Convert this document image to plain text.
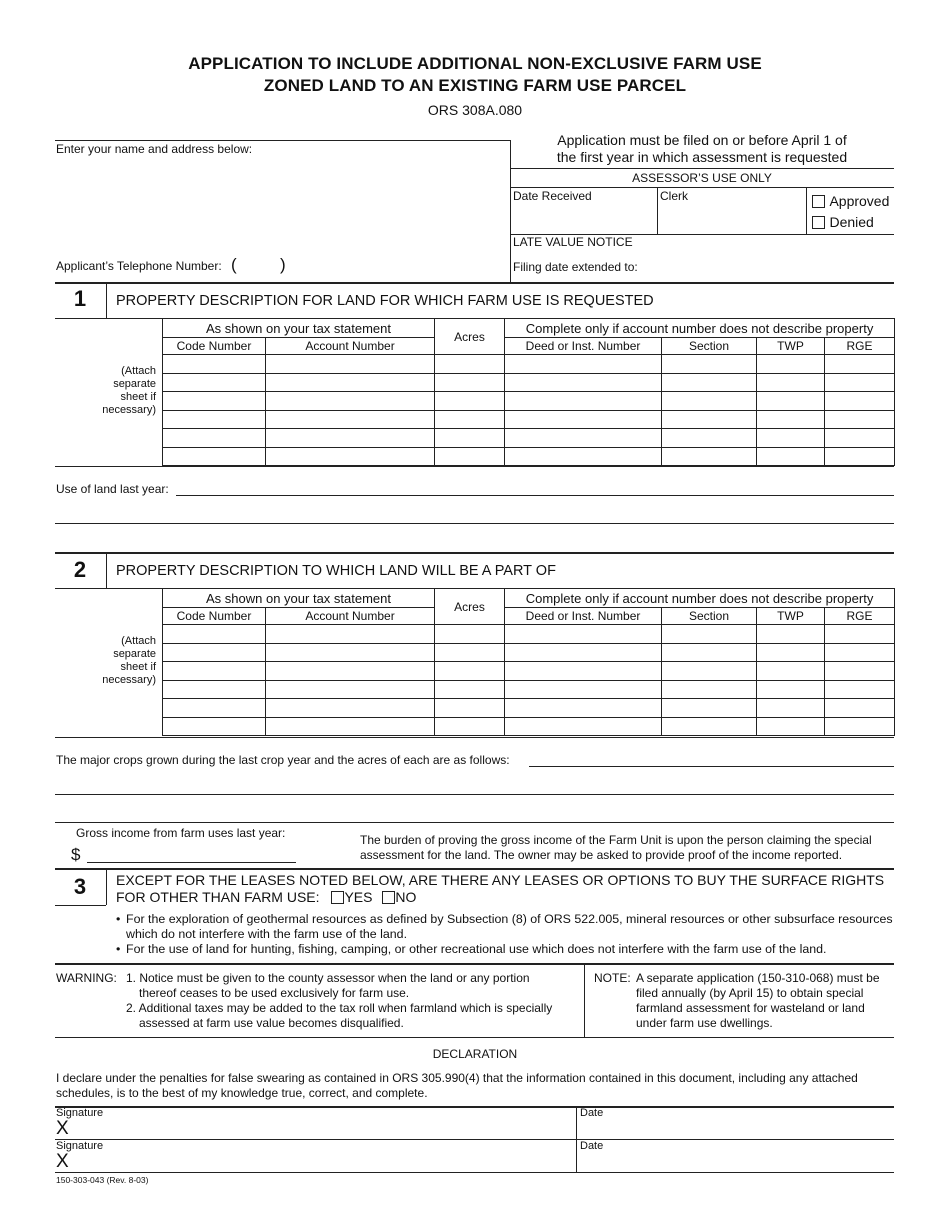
APPLICATION TO INCLUDE ADDITIONAL NON-EXCLUSIVE FARM USE
ZONED LAND TO AN EXISTING FARM USE PARCEL
ORS 308A.080
Enter your name and address below:
Applicant’s Telephone Number: (	)
Application must be filed on or before April 1 of
the first year in which assessment is requested
ASSESSOR’S USE ONLY
Date Received	Clerk	Approved
Denied
LATE VALUE NOTICE
Filing date extended to:
1	PROPERTY DESCRIPTION FOR LAND FOR WHICH FARM USE IS REQUESTED
(Attach
separate
sheet if
necessary)
As shown on your tax statement		Acres	Complete only if account number does not describe property			
Code Number	Account Number		Deed or Inst. Number	Section	TWP	RGE

Use of land last year:
2	PROPERTY DESCRIPTION TO WHICH LAND WILL BE A PART OF
(Attach
separate
sheet if
necessary)
As shown on your tax statement		Acres	Complete only if account number does not describe property			
Code Number	Account Number		Deed or Inst. Number	Section	TWP	RGE

The major crops grown during the last crop year and the acres of each are as follows:
Gross income from farm uses last year:
$
The burden of proving the gross income of the Farm Unit is upon the person claiming the special
assessment for the land. The owner may be asked to provide proof of the income reported.
3	EXCEPT FOR THE LEASES NOTED BELOW, ARE THERE ANY LEASES OR OPTIONS TO BUY THE SURFACE RIGHTS
FOR OTHER THAN FARM USE: YES NO
• For the exploration of geothermal resources as defined by Subsection (8) of ORS 522.005, mineral resources or other subsurface resources
which do not interfere with the farm use of the land.
• For the use of land for hunting, fishing, camping, or other recreational use which does not interfere with the farm use of the land.
WARNING: 1. Notice must be given to the county assessor when the land or any portion
thereof ceases to be used exclusively for farm use.
2. Additional taxes may be added to the tax roll when farmland which is specially
assessed at farm use value becomes disqualified.
NOTE: A separate application (150-310-068) must be
filed annually (by April 15) to obtain special
farmland assessment for wasteland or land
under farm use dwellings.
DECLARATION
I declare under the penalties for false swearing as contained in ORS 305.990(4) that the information contained in this document, including any attached
schedules, is to the best of my knowledge true, correct, and complete.
Signature
X
Date
Signature
X
Date
150-303-043 (Rev. 8-03)
